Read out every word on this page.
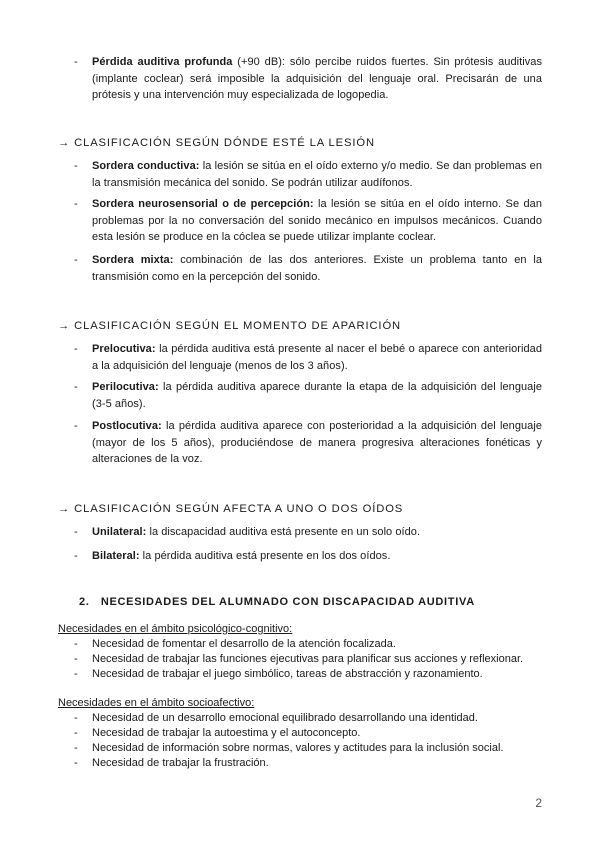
-	Pérdida auditiva profunda (+90 dB): sólo percibe ruidos fuertes. Sin prótesis auditivas (implante coclear) será imposible la adquisición del lenguaje oral. Precisarán de una prótesis y una intervención muy especializada de logopedia.
→ CLASIFICACIÓN SEGÚN DÓNDE ESTÉ LA LESIÓN
-	Sordera conductiva: la lesión se sitúa en el oído externo y/o medio. Se dan problemas en la transmisión mecánica del sonido. Se podrán utilizar audífonos.
-	Sordera neurosensorial o de percepción: la lesión se sitúa en el oído interno. Se dan problemas por la no conversación del sonido mecánico en impulsos mecánicos. Cuando esta lesión se produce en la cóclea se puede utilizar implante coclear.
-	Sordera mixta: combinación de las dos anteriores. Existe un problema tanto en la transmisión como en la percepción del sonido.
→ CLASIFICACIÓN SEGÚN EL MOMENTO DE APARICIÓN
-	Prelocutiva: la pérdida auditiva está presente al nacer el bebé o aparece con anterioridad a la adquisición del lenguaje (menos de los 3 años).
-	Perilocutiva: la pérdida auditiva aparece durante la etapa de la adquisición del lenguaje (3-5 años).
-	Postlocutiva: la pérdida auditiva aparece con posterioridad a la adquisición del lenguaje (mayor de los 5 años), produciéndose de manera progresiva alteraciones fonéticas y alteraciones de la voz.
→ CLASIFICACIÓN SEGÚN AFECTA A UNO O DOS OÍDOS
-	Unilateral: la discapacidad auditiva está presente en un solo oído.
-	Bilateral: la pérdida auditiva está presente en los dos oídos.
2. NECESIDADES DEL ALUMNADO CON DISCAPACIDAD AUDITIVA
Necesidades en el ámbito psicológico-cognitivo:
-	Necesidad de fomentar el desarrollo de la atención focalizada.
-	Necesidad de trabajar las funciones ejecutivas para planificar sus acciones y reflexionar.
-	Necesidad de trabajar el juego simbólico, tareas de abstracción y razonamiento.
Necesidades en el ámbito socioafectivo:
-	Necesidad de un desarrollo emocional equilibrado desarrollando una identidad.
-	Necesidad de trabajar la autoestima y el autoconcepto.
-	Necesidad de información sobre normas, valores y actitudes para la inclusión social.
-	Necesidad de trabajar la frustración.
2
